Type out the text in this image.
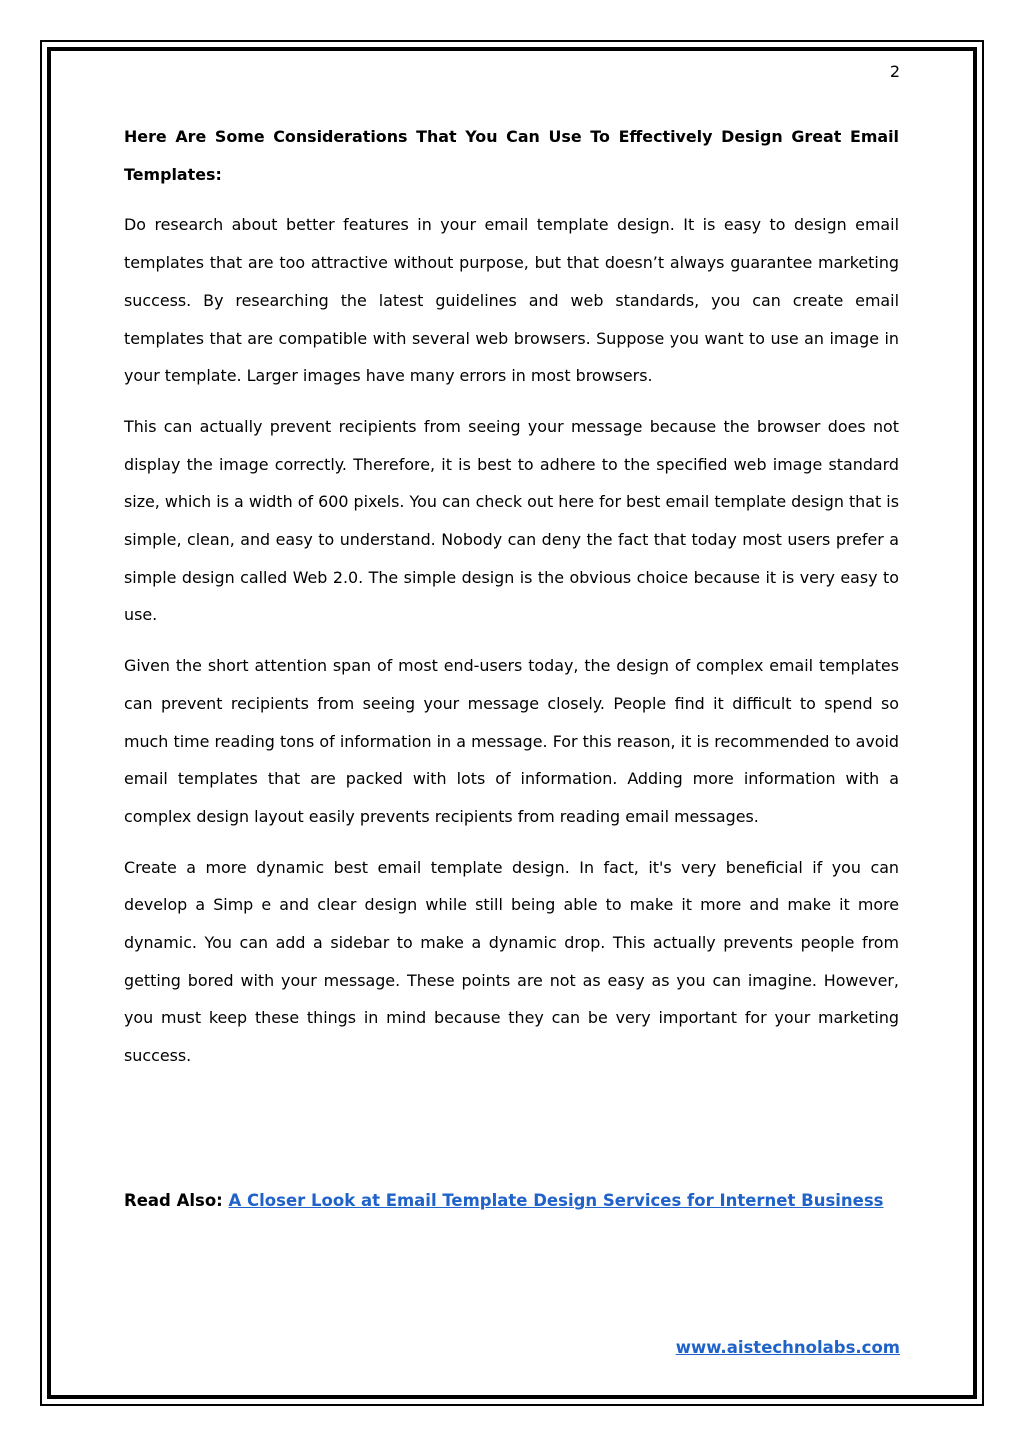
2

Here Are Some Considerations That You Can Use To Effectively Design Great Email Templates:

Do research about better features in your email template design. It is easy to design email templates that are too attractive without purpose, but that doesn’t always guarantee marketing success. By researching the latest guidelines and web standards, you can create email templates that are compatible with several web browsers. Suppose you want to use an image in your template. Larger images have many errors in most browsers.

This can actually prevent recipients from seeing your message because the browser does not display the image correctly. Therefore, it is best to adhere to the specified web image standard size, which is a width of 600 pixels. You can check out here for best email template design that is simple, clean, and easy to understand. Nobody can deny the fact that today most users prefer a simple design called Web 2.0. The simple design is the obvious choice because it is very easy to use.

Given the short attention span of most end-users today, the design of complex email templates can prevent recipients from seeing your message closely. People find it difficult to spend so much time reading tons of information in a message. For this reason, it is recommended to avoid email templates that are packed with lots of information. Adding more information with a complex design layout easily prevents recipients from reading email messages.

Create a more dynamic best email template design. In fact, it's very beneficial if you can develop a Simp e and clear design while still being able to make it more and make it more dynamic. You can add a sidebar to make a dynamic drop. This actually prevents people from getting bored with your message. These points are not as easy as you can imagine. However, you must keep these things in mind because they can be very important for your marketing success.

Read Also: A Closer Look at Email Template Design Services for Internet Business
www.aistechnolabs.com
